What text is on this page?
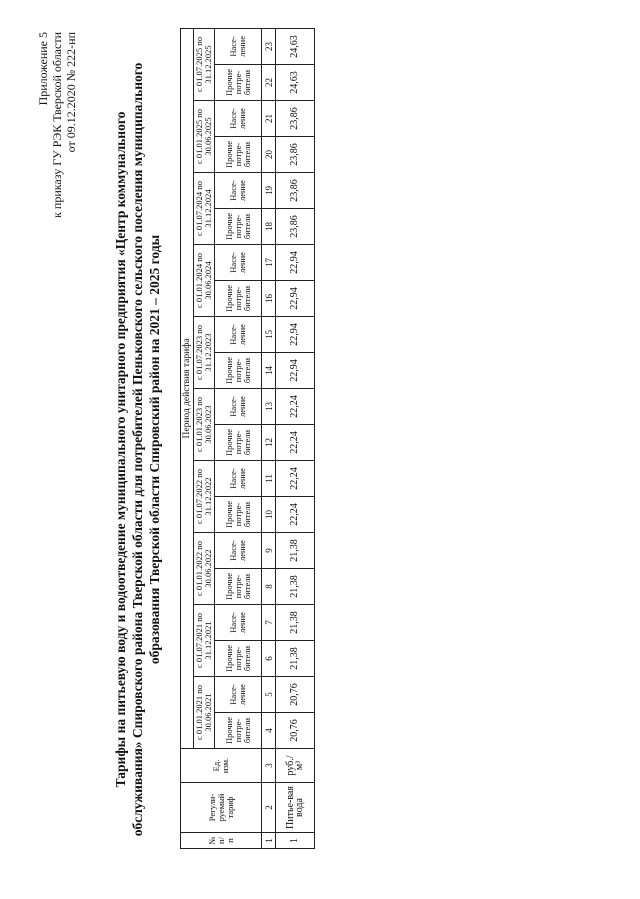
Приложение 5 к приказу ГУ РЭК Тверской области от 09.12.2020 № 222-нп
Тарифы на питьевую воду и водоотведение муниципального унитарного предприятия «Центр коммунального обслуживания» Спировского района Тверской области для потребителей Пеньковского сельского поселения муниципального образования Тверской области Спировский район на 2021 – 2025 годы
№ п/п	Регули-руемый тариф	Ед. изм.	Период действия тарифа																			
			с 01.01.2021 по 30.06.2021		с 01.07.2021 по 31.12.2021		с 01.01.2022 по 30.06.2022		с 01.07.2022 по 31.12.2022		с 01.01.2023 по 30.06.2023		с 01.07.2023 по 31.12.2023		с 01.01.2024 по 30.06.2024		с 01.07.2024 по 31.12.2024		с 01.01.2025 по 30.06.2025		с 01.07.2025 по 31.12.2025	
			Прочие потре-бители	Насе-ление	Прочие потре-бители	Насе-ление	Прочие потре-бители	Насе-ление	Прочие потре-бители	Насе-ление	Прочие потре-бители	Насе-ление	Прочие потре-бители	Насе-ление	Прочие потре-бители	Насе-ление	Прочие потре-бители	Насе-ление	Прочие потре-бители	Насе-ление	Прочие потре-бители	Насе-ление
1	2	3	4	5	6	7	8	9	10	11	12	13	14	15	16	17	18	19	20	21	22	23
1	Питье-вая вода	руб./м³	20,76	20,76	21,38	21,38	21,38	21,38	22,24	22,24	22,24	22,24	22,94	22,94	22,94	22,94	23,86	23,86	23,86	23,86	24,63	24,63
